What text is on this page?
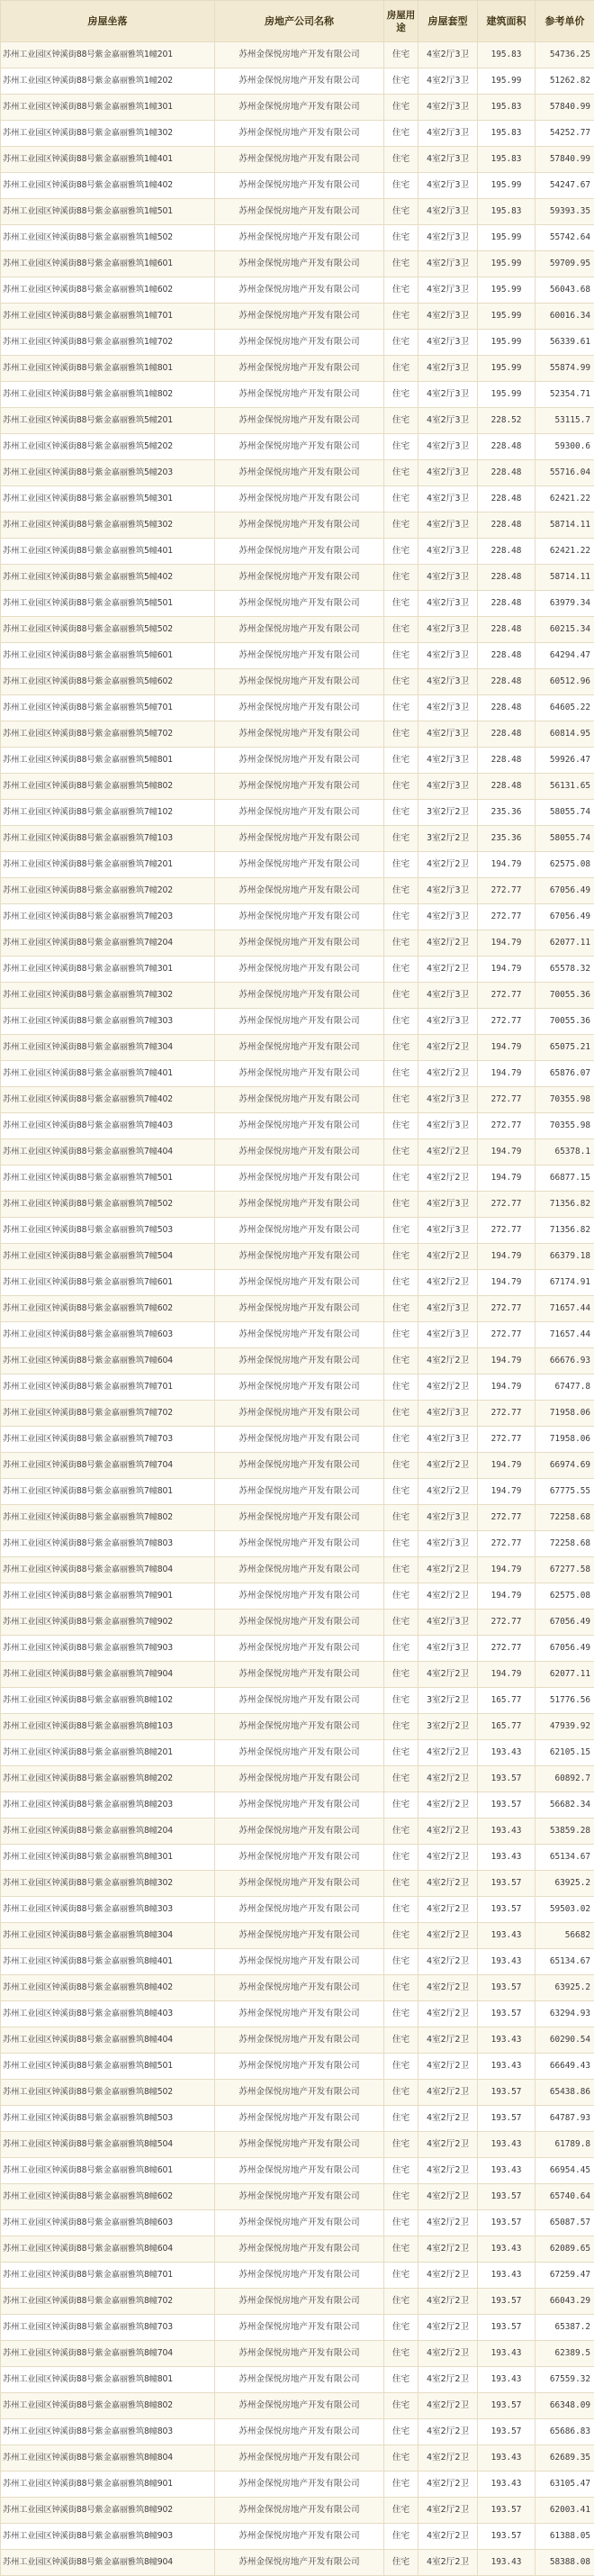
房屋坐落	房地产公司名称	房屋用途	房屋套型	建筑面积	参考单价
苏州工业园区钟溪街88号紫金嘉丽雅筑1幢201	苏州金保悦房地产开发有限公司	住宅	4室2厅3卫	195.83	54736.25
苏州工业园区钟溪街88号紫金嘉丽雅筑1幢202	苏州金保悦房地产开发有限公司	住宅	4室2厅3卫	195.99	51262.82
苏州工业园区钟溪街88号紫金嘉丽雅筑1幢301	苏州金保悦房地产开发有限公司	住宅	4室2厅3卫	195.83	57840.99
苏州工业园区钟溪街88号紫金嘉丽雅筑1幢302	苏州金保悦房地产开发有限公司	住宅	4室2厅3卫	195.83	54252.77
苏州工业园区钟溪街88号紫金嘉丽雅筑1幢401	苏州金保悦房地产开发有限公司	住宅	4室2厅3卫	195.83	57840.99
苏州工业园区钟溪街88号紫金嘉丽雅筑1幢402	苏州金保悦房地产开发有限公司	住宅	4室2厅3卫	195.99	54247.67
苏州工业园区钟溪街88号紫金嘉丽雅筑1幢501	苏州金保悦房地产开发有限公司	住宅	4室2厅3卫	195.83	59393.35
苏州工业园区钟溪街88号紫金嘉丽雅筑1幢502	苏州金保悦房地产开发有限公司	住宅	4室2厅3卫	195.99	55742.64
苏州工业园区钟溪街88号紫金嘉丽雅筑1幢601	苏州金保悦房地产开发有限公司	住宅	4室2厅3卫	195.99	59709.95
苏州工业园区钟溪街88号紫金嘉丽雅筑1幢602	苏州金保悦房地产开发有限公司	住宅	4室2厅3卫	195.99	56043.68
苏州工业园区钟溪街88号紫金嘉丽雅筑1幢701	苏州金保悦房地产开发有限公司	住宅	4室2厅3卫	195.99	60016.34
苏州工业园区钟溪街88号紫金嘉丽雅筑1幢702	苏州金保悦房地产开发有限公司	住宅	4室2厅3卫	195.99	56339.61
苏州工业园区钟溪街88号紫金嘉丽雅筑1幢801	苏州金保悦房地产开发有限公司	住宅	4室2厅3卫	195.99	55874.99
苏州工业园区钟溪街88号紫金嘉丽雅筑1幢802	苏州金保悦房地产开发有限公司	住宅	4室2厅3卫	195.99	52354.71
苏州工业园区钟溪街88号紫金嘉丽雅筑5幢201	苏州金保悦房地产开发有限公司	住宅	4室2厅3卫	228.52	53115.7
苏州工业园区钟溪街88号紫金嘉丽雅筑5幢202	苏州金保悦房地产开发有限公司	住宅	4室2厅3卫	228.48	59300.6
苏州工业园区钟溪街88号紫金嘉丽雅筑5幢203	苏州金保悦房地产开发有限公司	住宅	4室2厅3卫	228.48	55716.04
苏州工业园区钟溪街88号紫金嘉丽雅筑5幢301	苏州金保悦房地产开发有限公司	住宅	4室2厅3卫	228.48	62421.22
苏州工业园区钟溪街88号紫金嘉丽雅筑5幢302	苏州金保悦房地产开发有限公司	住宅	4室2厅3卫	228.48	58714.11
苏州工业园区钟溪街88号紫金嘉丽雅筑5幢401	苏州金保悦房地产开发有限公司	住宅	4室2厅3卫	228.48	62421.22
苏州工业园区钟溪街88号紫金嘉丽雅筑5幢402	苏州金保悦房地产开发有限公司	住宅	4室2厅3卫	228.48	58714.11
苏州工业园区钟溪街88号紫金嘉丽雅筑5幢501	苏州金保悦房地产开发有限公司	住宅	4室2厅3卫	228.48	63979.34
苏州工业园区钟溪街88号紫金嘉丽雅筑5幢502	苏州金保悦房地产开发有限公司	住宅	4室2厅3卫	228.48	60215.34
苏州工业园区钟溪街88号紫金嘉丽雅筑5幢601	苏州金保悦房地产开发有限公司	住宅	4室2厅3卫	228.48	64294.47
苏州工业园区钟溪街88号紫金嘉丽雅筑5幢602	苏州金保悦房地产开发有限公司	住宅	4室2厅3卫	228.48	60512.96
苏州工业园区钟溪街88号紫金嘉丽雅筑5幢701	苏州金保悦房地产开发有限公司	住宅	4室2厅3卫	228.48	64605.22
苏州工业园区钟溪街88号紫金嘉丽雅筑5幢702	苏州金保悦房地产开发有限公司	住宅	4室2厅3卫	228.48	60814.95
苏州工业园区钟溪街88号紫金嘉丽雅筑5幢801	苏州金保悦房地产开发有限公司	住宅	4室2厅3卫	228.48	59926.47
苏州工业园区钟溪街88号紫金嘉丽雅筑5幢802	苏州金保悦房地产开发有限公司	住宅	4室2厅3卫	228.48	56131.65
苏州工业园区钟溪街88号紫金嘉丽雅筑7幢102	苏州金保悦房地产开发有限公司	住宅	3室2厅2卫	235.36	58055.74
苏州工业园区钟溪街88号紫金嘉丽雅筑7幢103	苏州金保悦房地产开发有限公司	住宅	3室2厅2卫	235.36	58055.74
苏州工业园区钟溪街88号紫金嘉丽雅筑7幢201	苏州金保悦房地产开发有限公司	住宅	4室2厅2卫	194.79	62575.08
苏州工业园区钟溪街88号紫金嘉丽雅筑7幢202	苏州金保悦房地产开发有限公司	住宅	4室2厅3卫	272.77	67056.49
苏州工业园区钟溪街88号紫金嘉丽雅筑7幢203	苏州金保悦房地产开发有限公司	住宅	4室2厅3卫	272.77	67056.49
苏州工业园区钟溪街88号紫金嘉丽雅筑7幢204	苏州金保悦房地产开发有限公司	住宅	4室2厅2卫	194.79	62077.11
苏州工业园区钟溪街88号紫金嘉丽雅筑7幢301	苏州金保悦房地产开发有限公司	住宅	4室2厅2卫	194.79	65578.32
苏州工业园区钟溪街88号紫金嘉丽雅筑7幢302	苏州金保悦房地产开发有限公司	住宅	4室2厅3卫	272.77	70055.36
苏州工业园区钟溪街88号紫金嘉丽雅筑7幢303	苏州金保悦房地产开发有限公司	住宅	4室2厅3卫	272.77	70055.36
苏州工业园区钟溪街88号紫金嘉丽雅筑7幢304	苏州金保悦房地产开发有限公司	住宅	4室2厅2卫	194.79	65075.21
苏州工业园区钟溪街88号紫金嘉丽雅筑7幢401	苏州金保悦房地产开发有限公司	住宅	4室2厅2卫	194.79	65876.07
苏州工业园区钟溪街88号紫金嘉丽雅筑7幢402	苏州金保悦房地产开发有限公司	住宅	4室2厅3卫	272.77	70355.98
苏州工业园区钟溪街88号紫金嘉丽雅筑7幢403	苏州金保悦房地产开发有限公司	住宅	4室2厅3卫	272.77	70355.98
苏州工业园区钟溪街88号紫金嘉丽雅筑7幢404	苏州金保悦房地产开发有限公司	住宅	4室2厅2卫	194.79	65378.1
苏州工业园区钟溪街88号紫金嘉丽雅筑7幢501	苏州金保悦房地产开发有限公司	住宅	4室2厅2卫	194.79	66877.15
苏州工业园区钟溪街88号紫金嘉丽雅筑7幢502	苏州金保悦房地产开发有限公司	住宅	4室2厅3卫	272.77	71356.82
苏州工业园区钟溪街88号紫金嘉丽雅筑7幢503	苏州金保悦房地产开发有限公司	住宅	4室2厅3卫	272.77	71356.82
苏州工业园区钟溪街88号紫金嘉丽雅筑7幢504	苏州金保悦房地产开发有限公司	住宅	4室2厅2卫	194.79	66379.18
苏州工业园区钟溪街88号紫金嘉丽雅筑7幢601	苏州金保悦房地产开发有限公司	住宅	4室2厅2卫	194.79	67174.91
苏州工业园区钟溪街88号紫金嘉丽雅筑7幢602	苏州金保悦房地产开发有限公司	住宅	4室2厅3卫	272.77	71657.44
苏州工业园区钟溪街88号紫金嘉丽雅筑7幢603	苏州金保悦房地产开发有限公司	住宅	4室2厅3卫	272.77	71657.44
苏州工业园区钟溪街88号紫金嘉丽雅筑7幢604	苏州金保悦房地产开发有限公司	住宅	4室2厅2卫	194.79	66676.93
苏州工业园区钟溪街88号紫金嘉丽雅筑7幢701	苏州金保悦房地产开发有限公司	住宅	4室2厅2卫	194.79	67477.8
苏州工业园区钟溪街88号紫金嘉丽雅筑7幢702	苏州金保悦房地产开发有限公司	住宅	4室2厅3卫	272.77	71958.06
苏州工业园区钟溪街88号紫金嘉丽雅筑7幢703	苏州金保悦房地产开发有限公司	住宅	4室2厅3卫	272.77	71958.06
苏州工业园区钟溪街88号紫金嘉丽雅筑7幢704	苏州金保悦房地产开发有限公司	住宅	4室2厅2卫	194.79	66974.69
苏州工业园区钟溪街88号紫金嘉丽雅筑7幢801	苏州金保悦房地产开发有限公司	住宅	4室2厅2卫	194.79	67775.55
苏州工业园区钟溪街88号紫金嘉丽雅筑7幢802	苏州金保悦房地产开发有限公司	住宅	4室2厅3卫	272.77	72258.68
苏州工业园区钟溪街88号紫金嘉丽雅筑7幢803	苏州金保悦房地产开发有限公司	住宅	4室2厅3卫	272.77	72258.68
苏州工业园区钟溪街88号紫金嘉丽雅筑7幢804	苏州金保悦房地产开发有限公司	住宅	4室2厅2卫	194.79	67277.58
苏州工业园区钟溪街88号紫金嘉丽雅筑7幢901	苏州金保悦房地产开发有限公司	住宅	4室2厅2卫	194.79	62575.08
苏州工业园区钟溪街88号紫金嘉丽雅筑7幢902	苏州金保悦房地产开发有限公司	住宅	4室2厅3卫	272.77	67056.49
苏州工业园区钟溪街88号紫金嘉丽雅筑7幢903	苏州金保悦房地产开发有限公司	住宅	4室2厅3卫	272.77	67056.49
苏州工业园区钟溪街88号紫金嘉丽雅筑7幢904	苏州金保悦房地产开发有限公司	住宅	4室2厅2卫	194.79	62077.11
苏州工业园区钟溪街88号紫金嘉丽雅筑8幢102	苏州金保悦房地产开发有限公司	住宅	3室2厅2卫	165.77	51776.56
苏州工业园区钟溪街88号紫金嘉丽雅筑8幢103	苏州金保悦房地产开发有限公司	住宅	3室2厅2卫	165.77	47939.92
苏州工业园区钟溪街88号紫金嘉丽雅筑8幢201	苏州金保悦房地产开发有限公司	住宅	4室2厅2卫	193.43	62105.15
苏州工业园区钟溪街88号紫金嘉丽雅筑8幢202	苏州金保悦房地产开发有限公司	住宅	4室2厅2卫	193.57	60892.7
苏州工业园区钟溪街88号紫金嘉丽雅筑8幢203	苏州金保悦房地产开发有限公司	住宅	4室2厅2卫	193.57	56682.34
苏州工业园区钟溪街88号紫金嘉丽雅筑8幢204	苏州金保悦房地产开发有限公司	住宅	4室2厅2卫	193.43	53859.28
苏州工业园区钟溪街88号紫金嘉丽雅筑8幢301	苏州金保悦房地产开发有限公司	住宅	4室2厅2卫	193.43	65134.67
苏州工业园区钟溪街88号紫金嘉丽雅筑8幢302	苏州金保悦房地产开发有限公司	住宅	4室2厅2卫	193.57	63925.2
苏州工业园区钟溪街88号紫金嘉丽雅筑8幢303	苏州金保悦房地产开发有限公司	住宅	4室2厅2卫	193.57	59503.02
苏州工业园区钟溪街88号紫金嘉丽雅筑8幢304	苏州金保悦房地产开发有限公司	住宅	4室2厅2卫	193.43	56682
苏州工业园区钟溪街88号紫金嘉丽雅筑8幢401	苏州金保悦房地产开发有限公司	住宅	4室2厅2卫	193.43	65134.67
苏州工业园区钟溪街88号紫金嘉丽雅筑8幢402	苏州金保悦房地产开发有限公司	住宅	4室2厅2卫	193.57	63925.2
苏州工业园区钟溪街88号紫金嘉丽雅筑8幢403	苏州金保悦房地产开发有限公司	住宅	4室2厅2卫	193.57	63294.93
苏州工业园区钟溪街88号紫金嘉丽雅筑8幢404	苏州金保悦房地产开发有限公司	住宅	4室2厅2卫	193.43	60290.54
苏州工业园区钟溪街88号紫金嘉丽雅筑8幢501	苏州金保悦房地产开发有限公司	住宅	4室2厅2卫	193.43	66649.43
苏州工业园区钟溪街88号紫金嘉丽雅筑8幢502	苏州金保悦房地产开发有限公司	住宅	4室2厅2卫	193.57	65438.86
苏州工业园区钟溪街88号紫金嘉丽雅筑8幢503	苏州金保悦房地产开发有限公司	住宅	4室2厅2卫	193.57	64787.93
苏州工业园区钟溪街88号紫金嘉丽雅筑8幢504	苏州金保悦房地产开发有限公司	住宅	4室2厅2卫	193.43	61789.8
苏州工业园区钟溪街88号紫金嘉丽雅筑8幢601	苏州金保悦房地产开发有限公司	住宅	4室2厅2卫	193.43	66954.45
苏州工业园区钟溪街88号紫金嘉丽雅筑8幢602	苏州金保悦房地产开发有限公司	住宅	4室2厅2卫	193.57	65740.64
苏州工业园区钟溪街88号紫金嘉丽雅筑8幢603	苏州金保悦房地产开发有限公司	住宅	4室2厅2卫	193.57	65087.57
苏州工业园区钟溪街88号紫金嘉丽雅筑8幢604	苏州金保悦房地产开发有限公司	住宅	4室2厅2卫	193.43	62089.65
苏州工业园区钟溪街88号紫金嘉丽雅筑8幢701	苏州金保悦房地产开发有限公司	住宅	4室2厅2卫	193.43	67259.47
苏州工业园区钟溪街88号紫金嘉丽雅筑8幢702	苏州金保悦房地产开发有限公司	住宅	4室2厅2卫	193.57	66043.29
苏州工业园区钟溪街88号紫金嘉丽雅筑8幢703	苏州金保悦房地产开发有限公司	住宅	4室2厅2卫	193.57	65387.2
苏州工业园区钟溪街88号紫金嘉丽雅筑8幢704	苏州金保悦房地产开发有限公司	住宅	4室2厅2卫	193.43	62389.5
苏州工业园区钟溪街88号紫金嘉丽雅筑8幢801	苏州金保悦房地产开发有限公司	住宅	4室2厅2卫	193.43	67559.32
苏州工业园区钟溪街88号紫金嘉丽雅筑8幢802	苏州金保悦房地产开发有限公司	住宅	4室2厅2卫	193.57	66348.09
苏州工业园区钟溪街88号紫金嘉丽雅筑8幢803	苏州金保悦房地产开发有限公司	住宅	4室2厅2卫	193.57	65686.83
苏州工业园区钟溪街88号紫金嘉丽雅筑8幢804	苏州金保悦房地产开发有限公司	住宅	4室2厅2卫	193.43	62689.35
苏州工业园区钟溪街88号紫金嘉丽雅筑8幢901	苏州金保悦房地产开发有限公司	住宅	4室2厅2卫	193.43	63105.47
苏州工业园区钟溪街88号紫金嘉丽雅筑8幢902	苏州金保悦房地产开发有限公司	住宅	4室2厅2卫	193.57	62003.41
苏州工业园区钟溪街88号紫金嘉丽雅筑8幢903	苏州金保悦房地产开发有限公司	住宅	4室2厅2卫	193.57	61388.05
苏州工业园区钟溪街88号紫金嘉丽雅筑8幢904	苏州金保悦房地产开发有限公司	住宅	4室2厅2卫	193.43	58388.08
